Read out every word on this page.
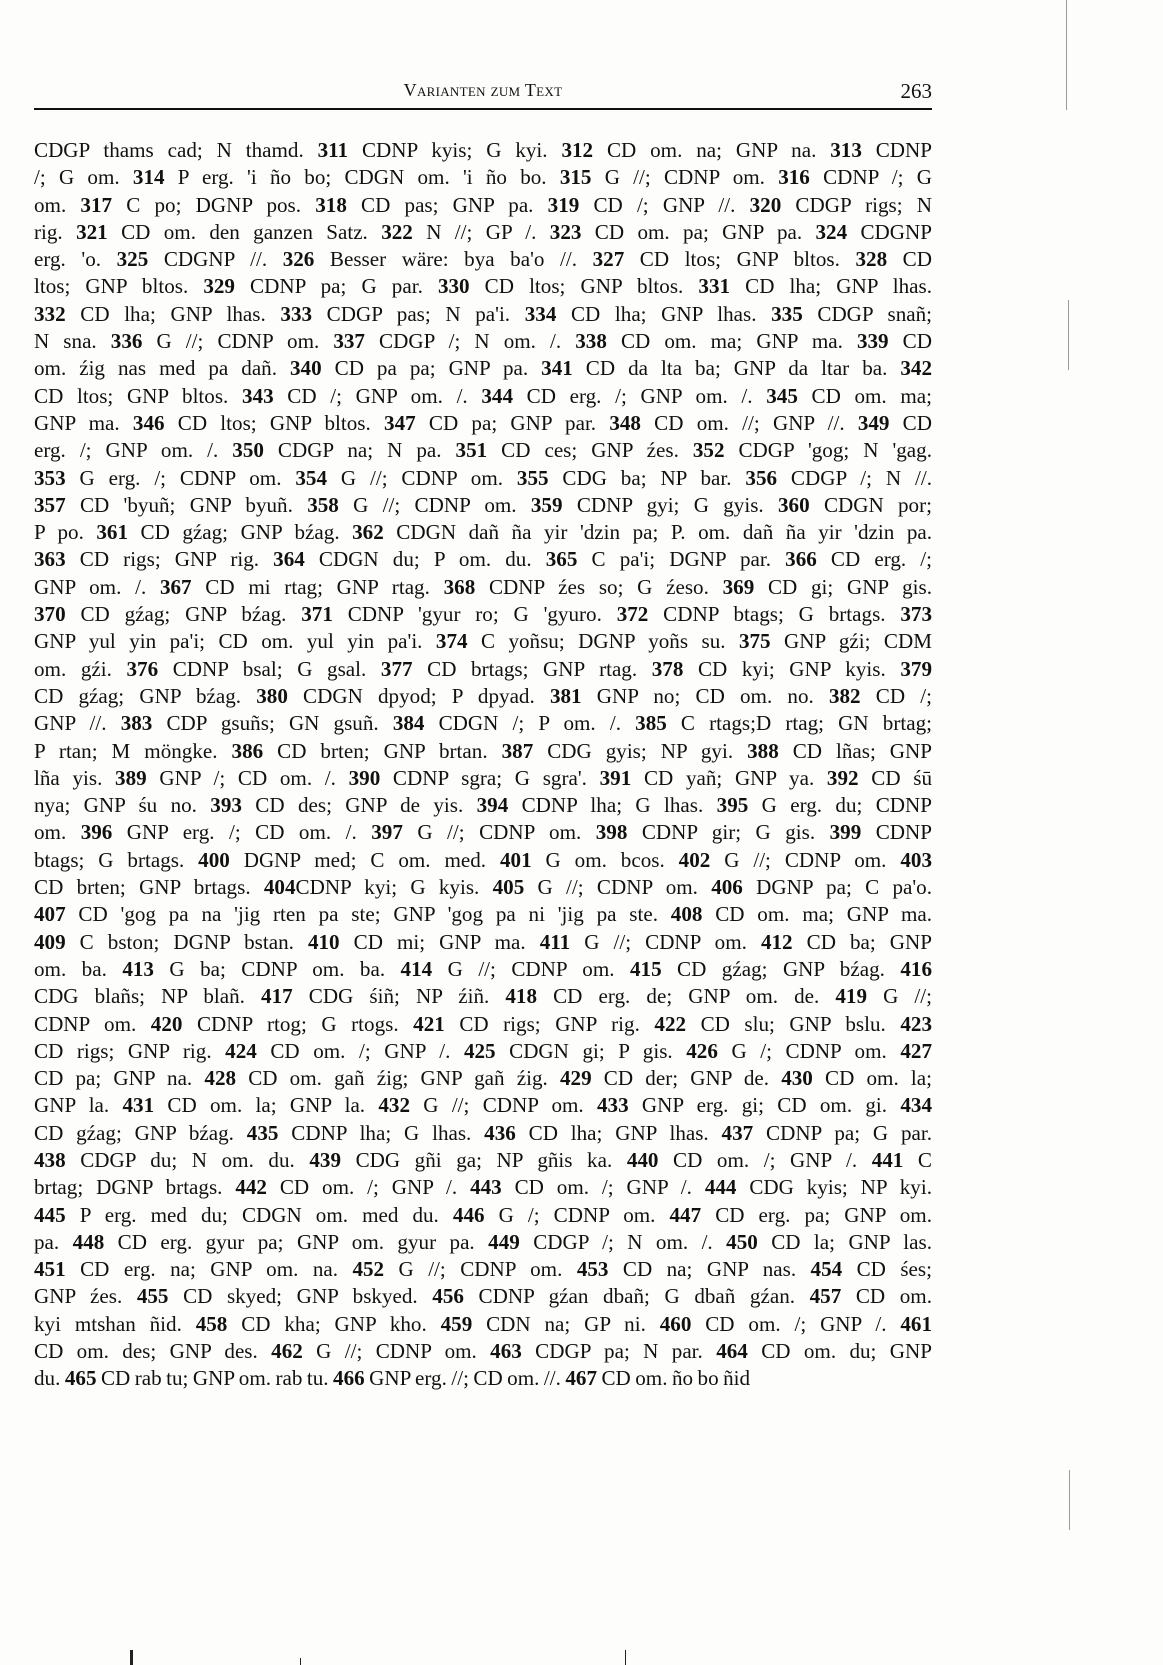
Varianten zum Text	263
CDGP thams cad; N thamd. 311 CDNP kyis; G kyi. 312 CD om. na; GNP na. 313 CDNP
/; G om. 314 P erg. 'i ño bo; CDGN om. 'i ño bo. 315 G //; CDNP om. 316 CDNP /; G
om. 317 C po; DGNP pos. 318 CD pas; GNP pa. 319 CD /; GNP //. 320 CDGP rigs; N
rig. 321 CD om. den ganzen Satz. 322 N //; GP /. 323 CD om. pa; GNP pa. 324 CDGNP
erg. 'o. 325 CDGNP //. 326 Besser wäre: bya ba'o //. 327 CD ltos; GNP bltos. 328 CD
ltos; GNP bltos. 329 CDNP pa; G par. 330 CD ltos; GNP bltos. 331 CD lha; GNP lhas.
332 CD lha; GNP lhas. 333 CDGP pas; N pa'i. 334 CD lha; GNP lhas. 335 CDGP snañ;
N sna. 336 G //; CDNP om. 337 CDGP /; N om. /. 338 CD om. ma; GNP ma. 339 CD
om. źig nas med pa dañ. 340 CD pa pa; GNP pa. 341 CD da lta ba; GNP da ltar ba. 342
CD ltos; GNP bltos. 343 CD /; GNP om. /. 344 CD erg. /; GNP om. /. 345 CD om. ma;
GNP ma. 346 CD ltos; GNP bltos. 347 CD pa; GNP par. 348 CD om. //; GNP //. 349 CD
erg. /; GNP om. /. 350 CDGP na; N pa. 351 CD ces; GNP źes. 352 CDGP 'gog; N 'gag.
353 G erg. /; CDNP om. 354 G //; CDNP om. 355 CDG ba; NP bar. 356 CDGP /; N //.
357 CD 'byuñ; GNP byuñ. 358 G //; CDNP om. 359 CDNP gyi; G gyis. 360 CDGN por;
P po. 361 CD gźag; GNP bźag. 362 CDGN dañ ña yir 'dzin pa; P. om. dañ ña yir 'dzin pa.
363 CD rigs; GNP rig. 364 CDGN du; P om. du. 365 C pa'i; DGNP par. 366 CD erg. /;
GNP om. /. 367 CD mi rtag; GNP rtag. 368 CDNP źes so; G źeso. 369 CD gi; GNP gis.
370 CD gźag; GNP bźag. 371 CDNP 'gyur ro; G 'gyuro. 372 CDNP btags; G brtags. 373
GNP yul yin pa'i; CD om. yul yin pa'i. 374 C yoñsu; DGNP yoñs su. 375 GNP gźi; CDM
om. gźi. 376 CDNP bsal; G gsal. 377 CD brtags; GNP rtag. 378 CD kyi; GNP kyis. 379
CD gźag; GNP bźag. 380 CDGN dpyod; P dpyad. 381 GNP no; CD om. no. 382 CD /;
GNP //. 383 CDP gsuñs; GN gsuñ. 384 CDGN /; P om. /. 385 C rtags;D rtag; GN brtag;
P rtan; M möngke. 386 CD brten; GNP brtan. 387 CDG gyis; NP gyi. 388 CD lñas; GNP
lña yis. 389 GNP /; CD om. /. 390 CDNP sgra; G sgra'. 391 CD yañ; GNP ya. 392 CD śū
nya; GNP śu no. 393 CD des; GNP de yis. 394 CDNP lha; G lhas. 395 G erg. du; CDNP
om. 396 GNP erg. /; CD om. /. 397 G //; CDNP om. 398 CDNP gir; G gis. 399 CDNP
btags; G brtags. 400 DGNP med; C om. med. 401 G om. bcos. 402 G //; CDNP om. 403
CD brten; GNP brtags. 404CDNP kyi; G kyis. 405 G //; CDNP om. 406 DGNP pa; C pa'o.
407 CD 'gog pa na 'jig rten pa ste; GNP 'gog pa ni 'jig pa ste. 408 CD om. ma; GNP ma.
409 C bston; DGNP bstan. 410 CD mi; GNP ma. 411 G //; CDNP om. 412 CD ba; GNP
om. ba. 413 G ba; CDNP om. ba. 414 G //; CDNP om. 415 CD gźag; GNP bźag. 416
CDG blañs; NP blañ. 417 CDG śiñ; NP źiñ. 418 CD erg. de; GNP om. de. 419 G //;
CDNP om. 420 CDNP rtog; G rtogs. 421 CD rigs; GNP rig. 422 CD slu; GNP bslu. 423
CD rigs; GNP rig. 424 CD om. /; GNP /. 425 CDGN gi; P gis. 426 G /; CDNP om. 427
CD pa; GNP na. 428 CD om. gañ źig; GNP gañ źig. 429 CD der; GNP de. 430 CD om. la;
GNP la. 431 CD om. la; GNP la. 432 G //; CDNP om. 433 GNP erg. gi; CD om. gi. 434
CD gźag; GNP bźag. 435 CDNP lha; G lhas. 436 CD lha; GNP lhas. 437 CDNP pa; G par.
438 CDGP du; N om. du. 439 CDG gñi ga; NP gñis ka. 440 CD om. /; GNP /. 441 C
brtag; DGNP brtags. 442 CD om. /; GNP /. 443 CD om. /; GNP /. 444 CDG kyis; NP kyi.
445 P erg. med du; CDGN om. med du. 446 G /; CDNP om. 447 CD erg. pa; GNP om.
pa. 448 CD erg. gyur pa; GNP om. gyur pa. 449 CDGP /; N om. /. 450 CD la; GNP las.
451 CD erg. na; GNP om. na. 452 G //; CDNP om. 453 CD na; GNP nas. 454 CD śes;
GNP źes. 455 CD skyed; GNP bskyed. 456 CDNP gźan dbañ; G dbañ gźan. 457 CD om.
kyi mtshan ñid. 458 CD kha; GNP kho. 459 CDN na; GP ni. 460 CD om. /; GNP /. 461
CD om. des; GNP des. 462 G //; CDNP om. 463 CDGP pa; N par. 464 CD om. du; GNP
du. 465 CD rab tu; GNP om. rab tu. 466 GNP erg. //; CD om. //. 467 CD om. ño bo ñid
